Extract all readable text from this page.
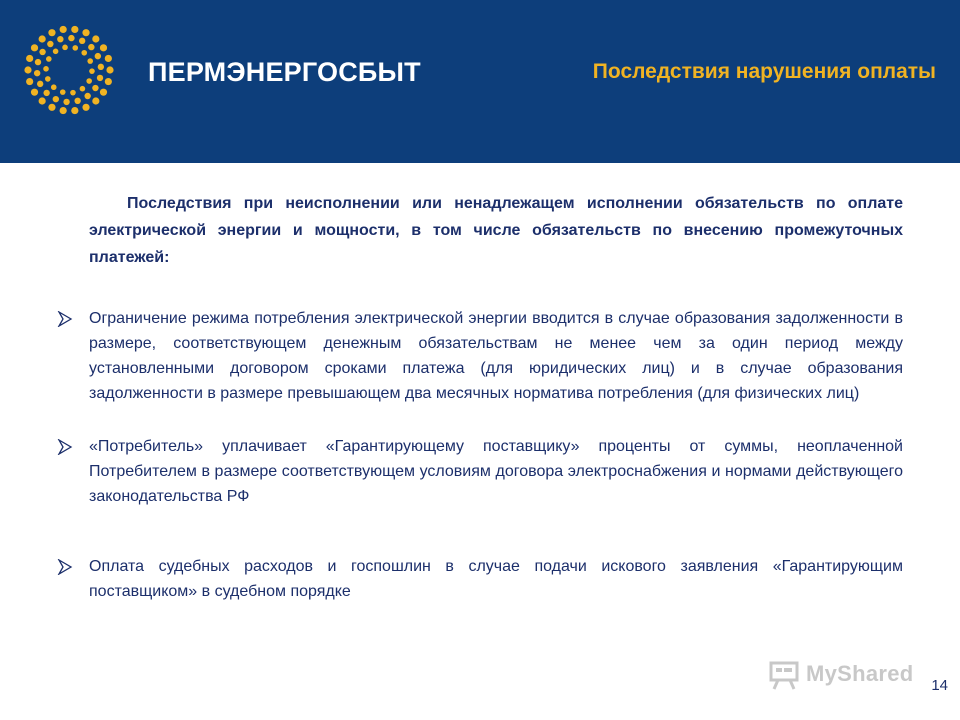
ПЕРМЭНЕРГОСБЫТ	Последствия нарушения оплаты
Последствия при неисполнении или ненадлежащем исполнении обязательств по оплате электрической энергии и мощности, в том числе обязательств по внесению промежуточных платежей:
Ограничение режима потребления электрической энергии вводится в случае образования задолженности в размере, соответствующем денежным обязательствам не менее чем за один период между установленными договором сроками платежа (для юридических лиц) и в случае образования задолженности в размере превышающем два месячных норматива потребления (для физических лиц)
«Потребитель» уплачивает «Гарантирующему поставщику» проценты от суммы, неоплаченной Потребителем в размере соответствующем условиям договора электроснабжения и нормами действующего законодательства РФ
Оплата судебных расходов и госпошлин в случае подачи искового заявления «Гарантирующим поставщиком» в судебном порядке
MyShared 14
